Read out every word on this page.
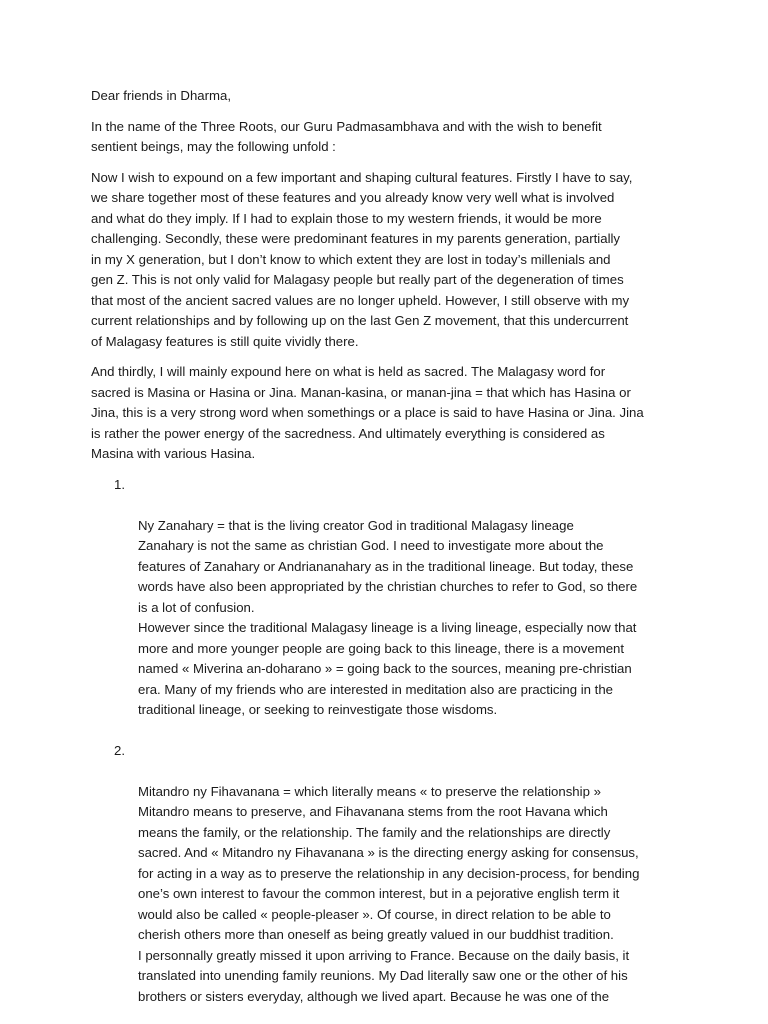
Dear friends in Dharma,

In the name of the Three Roots, our Guru Padmasambhava and with the wish to benefit
sentient beings, may the following unfold :

Now I wish to expound on a few important and shaping cultural features. Firstly I have to say,
we share together most of these features and you already know very well what is involved
and what do they imply. If I had to explain those to my western friends, it would be more
challenging. Secondly, these were predominant features in my parents generation, partially
in my X generation, but I don’t know to which extent they are lost in today’s millenials and
gen Z. This is not only valid for Malagasy people but really part of the degeneration of times
that most of the ancient sacred values are no longer upheld. However, I still observe with my
current relationships and by following up on the last Gen Z movement, that this undercurrent
of Malagasy features is still quite vividly there.

And thirdly, I will mainly expound here on what is held as sacred. The Malagasy word for
sacred is Masina or Hasina or Jina. Manan-kasina, or manan-jina = that which has Hasina or
Jina, this is a very strong word when somethings or a place is said to have Hasina or Jina. Jina
is rather the power energy of the sacredness. And ultimately everything is considered as
Masina with various Hasina.

1.

Ny Zanahary = that is the living creator God in traditional Malagasy lineage
Zanahary is not the same as christian God. I need to investigate more about the
features of Zanahary or Andriananahary as in the traditional lineage. But today, these
words have also been appropriated by the christian churches to refer to God, so there
is a lot of confusion.
However since the traditional Malagasy lineage is a living lineage, especially now that
more and more younger people are going back to this lineage, there is a movement
named « Miverina an-doharano » = going back to the sources, meaning pre-christian
era. Many of my friends who are interested in meditation also are practicing in the
traditional lineage, or seeking to reinvestigate those wisdoms.

2.

Mitandro ny Fihavanana = which literally means « to preserve the relationship »
Mitandro means to preserve, and Fihavanana stems from the root Havana which
means the family, or the relationship. The family and the relationships are directly
sacred. And « Mitandro ny Fihavanana » is the directing energy asking for consensus,
for acting in a way as to preserve the relationship in any decision-process, for bending
one’s own interest to favour the common interest, but in a pejorative english term it
would also be called « people-pleaser ». Of course, in direct relation to be able to
cherish others more than oneself as being greatly valued in our buddhist tradition.
I personnally greatly missed it upon arriving to France. Because on the daily basis, it
translated into unending family reunions. My Dad literally saw one or the other of his
brothers or sisters everyday, although we lived apart. Because he was one of the
